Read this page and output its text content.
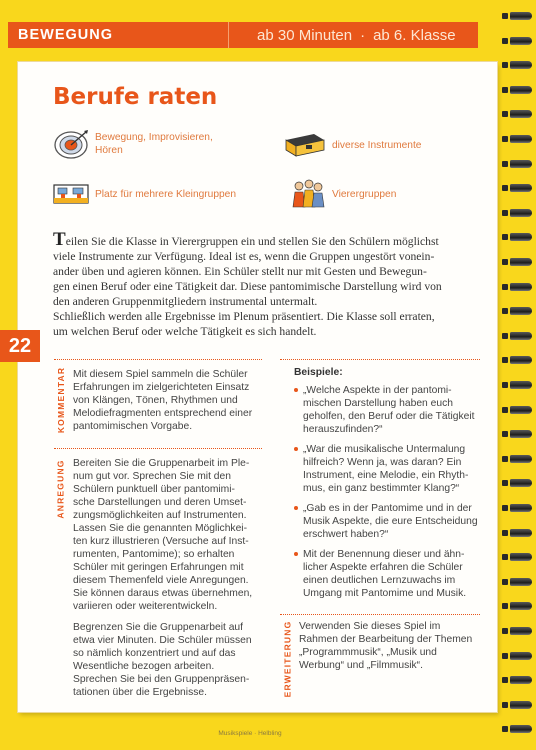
BEWEGUNG	ab 30 Minuten · ab 6. Klasse
22
Berufe raten
Bewegung, Improvisieren,
Hören	diverse Instrumente
Platz für mehrere Kleingruppen	Vierergruppen
Teilen Sie die Klasse in Vierergruppen ein und stellen Sie den Schülern möglichst
viele Instrumente zur Verfügung. Ideal ist es, wenn die Gruppen ungestört vonein-
ander üben und agieren können. Ein Schüler stellt nur mit Gesten und Bewegun-
gen einen Beruf oder eine Tätigkeit dar. Diese pantomimische Darstellung wird von
den anderen Gruppenmitgliedern instrumental untermalt.
Schließlich werden alle Ergebnisse im Plenum präsentiert. Die Klasse soll erraten,
um welchen Beruf oder welche Tätigkeit es sich handelt.
KOMMENTAR Mit diesem Spiel sammeln die Schüler
Erfahrungen im zielgerichteten Einsatz
von Klängen, Tönen, Rhythmen und
Melodiefragmenten entsprechend einer
pantomimischen Vorgabe.
ANREGUNG Bereiten Sie die Gruppenarbeit im Ple-
num gut vor. Sprechen Sie mit den
Schülern punktuell über pantomimi-
sche Darstellungen und deren Umset-
zungsmöglichkeiten auf Instrumenten.
Lassen Sie die genannten Möglichkei-
ten kurz illustrieren (Versuche auf Inst-
rumenten, Pantomime); so erhalten
Schüler mit geringen Erfahrungen mit
diesem Themenfeld viele Anregungen.
Sie können daraus etwas übernehmen,
variieren oder weiterentwickeln.

Begrenzen Sie die Gruppenarbeit auf
etwa vier Minuten. Die Schüler müssen
so nämlich konzentriert und auf das
Wesentliche bezogen arbeiten.
Sprechen Sie bei den Gruppenpräsen-
tationen über die Ergebnisse.

Beispiele:
„Welche Aspekte in der pantomi-
mischen Darstellung haben euch
geholfen, den Beruf oder die Tätigkeit
herauszufinden?“
„War die musikalische Untermalung
hilfreich? Wenn ja, was daran? Ein
Instrument, eine Melodie, ein Rhyth-
mus, ein ganz bestimmter Klang?“
„Gab es in der Pantomime und in der
Musik Aspekte, die eure Entscheidung
erschwert haben?“
Mit der Benennung dieser und ähn-
licher Aspekte erfahren die Schüler
einen deutlichen Lernzuwachs im
Umgang mit Pantomime und Musik.
ERWEITERUNG Verwenden Sie dieses Spiel im
Rahmen der Bearbeitung der Themen
„Programmmusik“, „Musik und
Werbung“ und „Filmmusik“.
Musikspiele · Helbling
